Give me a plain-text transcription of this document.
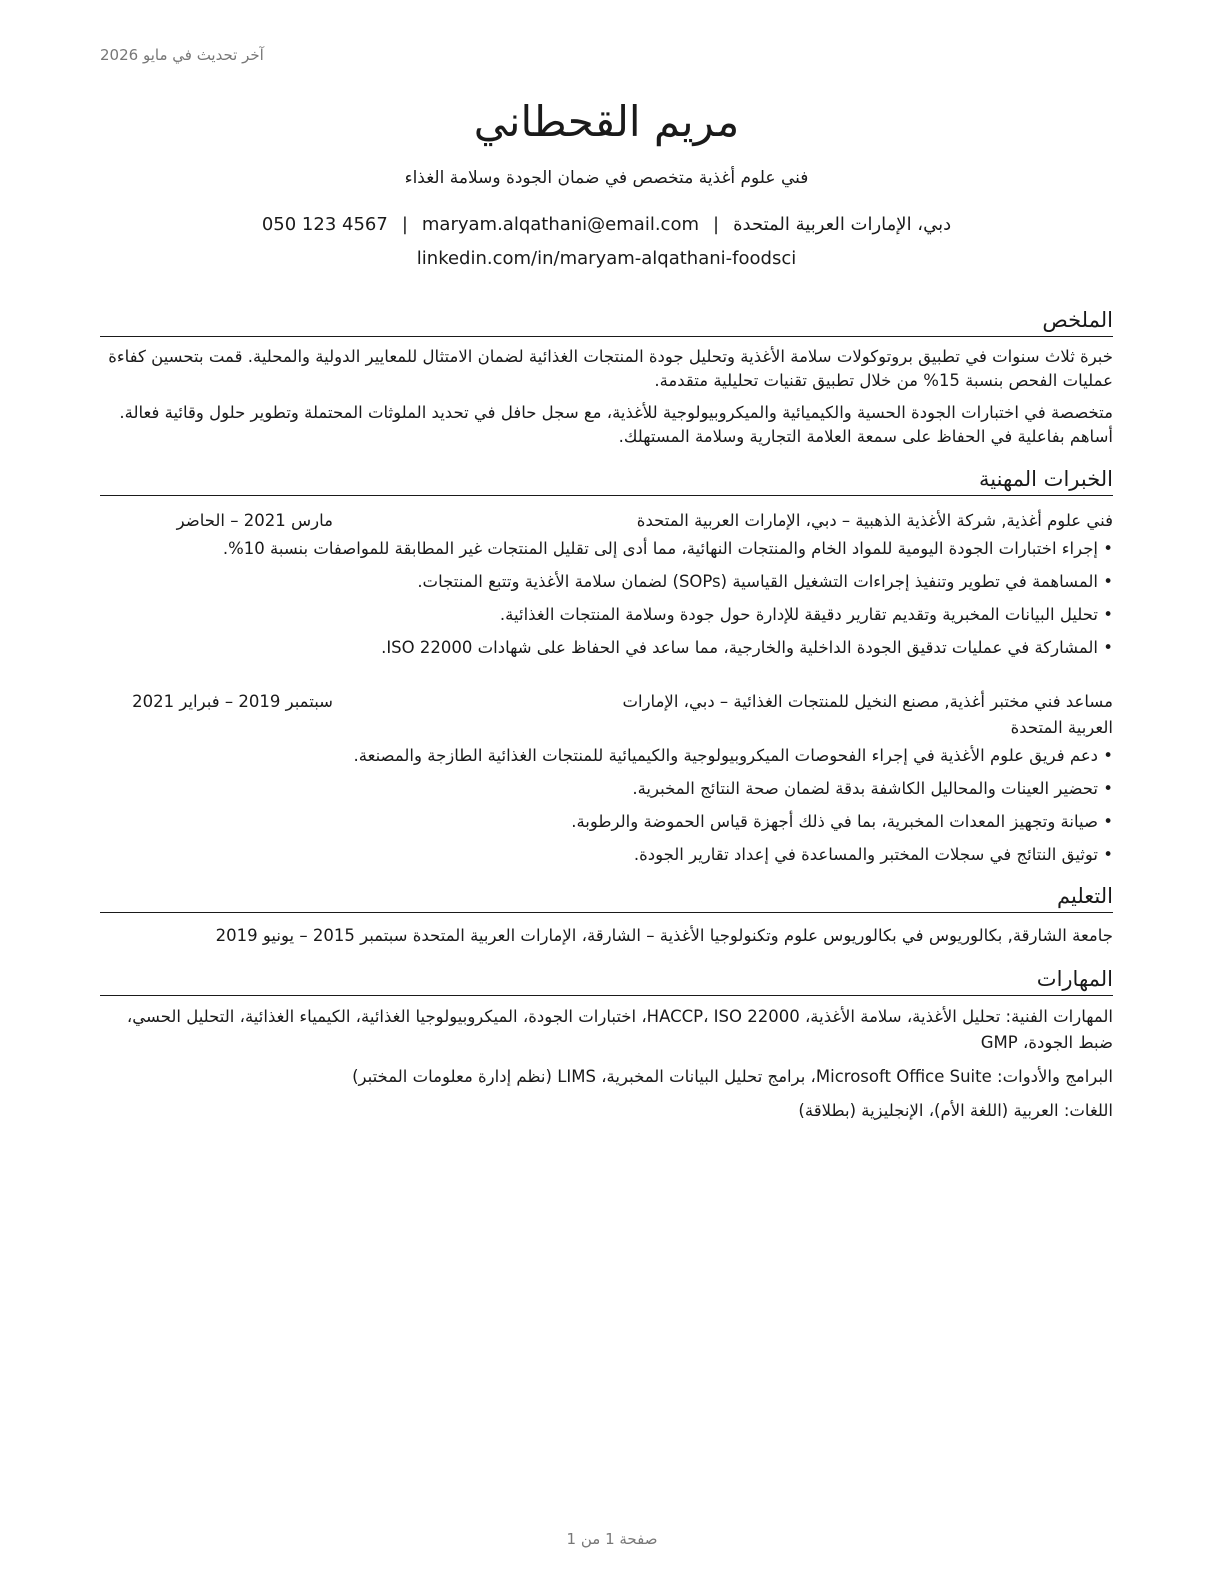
آخر تحديث في مايو 2026
مريم القحطاني
فني علوم أغذية متخصص في ضمان الجودة وسلامة الغذاء
دبي، الإمارات العربية المتحدة|maryam.alqathani@email.com|050 123 4567
linkedin.com/in/maryam-alqathani-foodsci
الملخص
خبرة ثلاث سنوات في تطبيق بروتوكولات سلامة الأغذية وتحليل جودة المنتجات الغذائية لضمان الامتثال للمعايير الدولية والمحلية. قمت بتحسين كفاءة عمليات الفحص بنسبة 15% من خلال تطبيق تقنيات تحليلية متقدمة.
متخصصة في اختبارات الجودة الحسية والكيميائية والميكروبيولوجية للأغذية، مع سجل حافل في تحديد الملوثات المحتملة وتطوير حلول وقائية فعالة. أساهم بفاعلية في الحفاظ على سمعة العلامة التجارية وسلامة المستهلك.
الخبرات المهنية
فني علوم أغذية, شركة الأغذية الذهبية – دبي، الإمارات العربية المتحدة
مارس 2021 – الحاضر
• إجراء اختبارات الجودة اليومية للمواد الخام والمنتجات النهائية، مما أدى إلى تقليل المنتجات غير المطابقة للمواصفات بنسبة 10%.
• المساهمة في تطوير وتنفيذ إجراءات التشغيل القياسية (SOPs) لضمان سلامة الأغذية وتتبع المنتجات.
• تحليل البيانات المخبرية وتقديم تقارير دقيقة للإدارة حول جودة وسلامة المنتجات الغذائية.
• المشاركة في عمليات تدقيق الجودة الداخلية والخارجية، مما ساعد في الحفاظ على شهادات ISO 22000.
مساعد فني مختبر أغذية, مصنع النخيل للمنتجات الغذائية – دبي، الإمارات العربية المتحدة
سبتمبر 2019 – فبراير 2021
• دعم فريق علوم الأغذية في إجراء الفحوصات الميكروبيولوجية والكيميائية للمنتجات الغذائية الطازجة والمصنعة.
• تحضير العينات والمحاليل الكاشفة بدقة لضمان صحة النتائج المخبرية.
• صيانة وتجهيز المعدات المخبرية، بما في ذلك أجهزة قياس الحموضة والرطوبة.
• توثيق النتائج في سجلات المختبر والمساعدة في إعداد تقارير الجودة.
التعليم
جامعة الشارقة, بكالوريوس في بكالوريوس علوم وتكنولوجيا الأغذية – الشارقة، الإمارات العربية المتحدة سبتمبر 2015 – يونيو 2019
المهارات
المهارات الفنية: تحليل الأغذية، سلامة الأغذية، HACCP، ISO 22000، اختبارات الجودة، الميكروبيولوجيا الغذائية، الكيمياء الغذائية، التحليل الحسي، ضبط الجودة، GMP
البرامج والأدوات: Microsoft Office Suite، برامج تحليل البيانات المخبرية، LIMS (نظم إدارة معلومات المختبر)
اللغات: العربية (اللغة الأم)، الإنجليزية (بطلاقة)
صفحة 1 من 1
